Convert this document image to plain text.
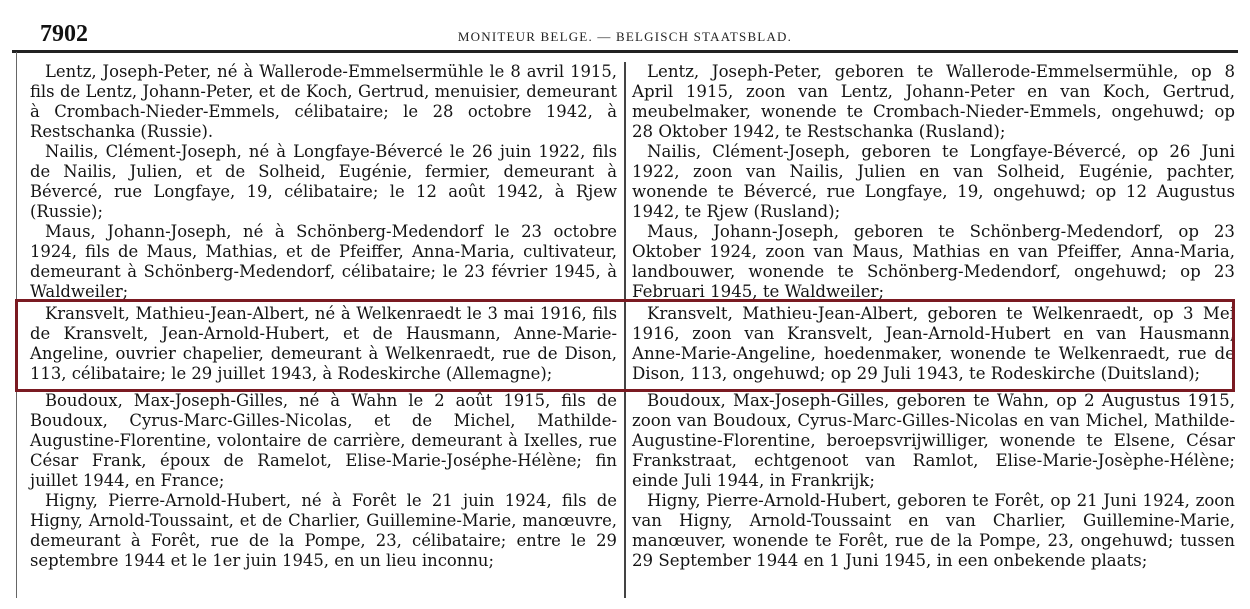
7902	MONITEUR BELGE. — BELGISCH STAATSBLAD.

Lentz, Joseph-Peter, né à Wallerode-Emmelsermühle le 8 avril 1915, fils de Lentz, Johann-Peter, et de Koch, Gertrud, menuisier, demeurant à Crombach-Nieder-Emmels, célibataire; le 28 octobre 1942, à Restschanka (Russie).

Nailis, Clément-Joseph, né à Longfaye-Bévercé le 26 juin 1922, fils de Nailis, Julien, et de Solheid, Eugénie, fermier, demeurant à Bévercé, rue Longfaye, 19, célibataire; le 12 août 1942, à Rjew (Russie);

Maus, Johann-Joseph, né à Schönberg-Medendorf le 23 octobre 1924, fils de Maus, Mathias, et de Pfeiffer, Anna-Maria, cultivateur, demeurant à Schönberg-Medendorf, célibataire; le 23 février 1945, à Waldweiler;

Kransvelt, Mathieu-Jean-Albert, né à Welkenraedt le 3 mai 1916, fils de Kransvelt, Jean-Arnold-Hubert, et de Hausmann, Anne-Marie-Angeline, ouvrier chapelier, demeurant à Welkenraedt, rue de Dison, 113, célibataire; le 29 juillet 1943, à Rodeskirche (Allemagne);

Boudoux, Max-Joseph-Gilles, né à Wahn le 2 août 1915, fils de Boudoux, Cyrus-Marc-Gilles-Nicolas, et de Michel, Mathilde-Augustine-Florentine, volontaire de carrière, demeurant à Ixelles, rue César Frank, époux de Ramelot, Elise-Marie-Joséphe-Hélène; fin juillet 1944, en France;

Higny, Pierre-Arnold-Hubert, né à Forêt le 21 juin 1924, fils de Higny, Arnold-Toussaint, et de Charlier, Guillemine-Marie, manœuvre, demeurant à Forêt, rue de la Pompe, 23, célibataire; entre le 29 septembre 1944 et le 1er juin 1945, en un lieu inconnu;

Lentz, Joseph-Peter, geboren te Wallerode-Emmelsermühle, op 8 April 1915, zoon van Lentz, Johann-Peter en van Koch, Gertrud, meubelmaker, wonende te Crombach-Nieder-Emmels, ongehuwd; op 28 Oktober 1942, te Restschanka (Rusland);

Nailis, Clément-Joseph, geboren te Longfaye-Bévercé, op 26 Juni 1922, zoon van Nailis, Julien en van Solheid, Eugénie, pachter, wonende te Bévercé, rue Longfaye, 19, ongehuwd; op 12 Augustus 1942, te Rjew (Rusland);

Maus, Johann-Joseph, geboren te Schönberg-Medendorf, op 23 Oktober 1924, zoon van Maus, Mathias en van Pfeiffer, Anna-Maria, landbouwer, wonende te Schönberg-Medendorf, ongehuwd; op 23 Februari 1945, te Waldweiler;

Kransvelt, Mathieu-Jean-Albert, geboren te Welkenraedt, op 3 Mei 1916, zoon van Kransvelt, Jean-Arnold-Hubert en van Hausmann, Anne-Marie-Angeline, hoedenmaker, wonende te Welkenraedt, rue de Dison, 113, ongehuwd; op 29 Juli 1943, te Rodeskirche (Duitsland);

Boudoux, Max-Joseph-Gilles, geboren te Wahn, op 2 Augustus 1915, zoon van Boudoux, Cyrus-Marc-Gilles-Nicolas en van Michel, Mathilde-Augustine-Florentine, beroepsvrijwilliger, wonende te Elsene, César Frankstraat, echtgenoot van Ramlot, Elise-Marie-Josèphe-Hélène; einde Juli 1944, in Frankrijk;

Higny, Pierre-Arnold-Hubert, geboren te Forêt, op 21 Juni 1924, zoon van Higny, Arnold-Toussaint en van Charlier, Guillemine-Marie, manœuver, wonende te Forêt, rue de la Pompe, 23, ongehuwd; tussen 29 September 1944 en 1 Juni 1945, in een onbekende plaats;
